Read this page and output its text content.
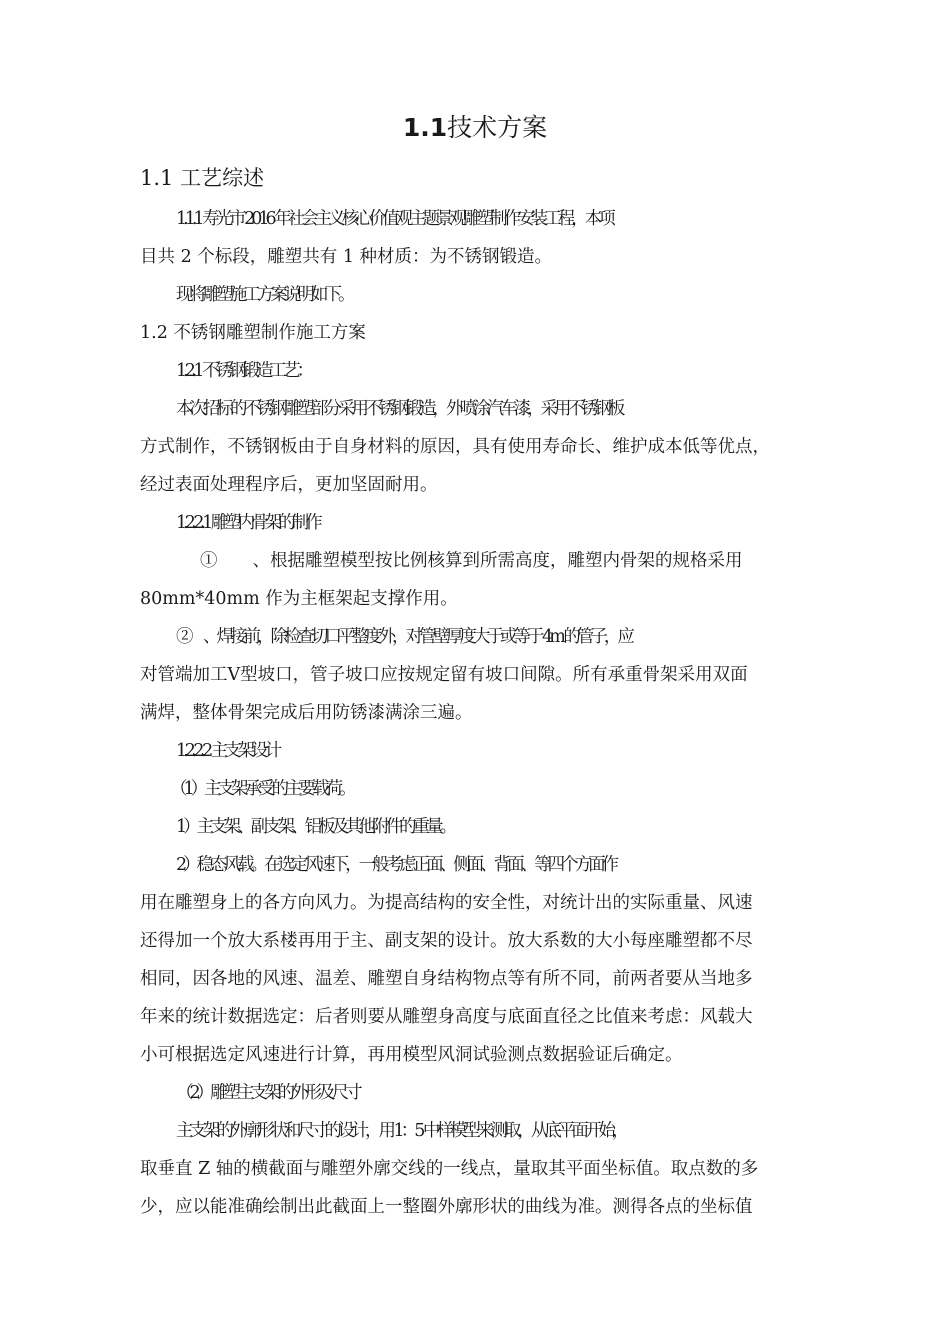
1.1技术方案
1.1 工艺综述
1.1.1 寿光市 2016 年社会主义核心价值观主题景观雕塑制作安装工程，本项
目共 2 个标段，雕塑共有 1 种材质：为不锈钢锻造。
现将雕塑施工方案说明如下。
1.2 不锈钢雕塑制作施工方案
1.2.1 不锈钢锻造工艺：
本次招标的不锈钢雕塑部分采用不锈钢锻造，外喷涂汽车漆，采用不锈钢板
方式制作，不锈钢板由于自身材料的原因，具有使用寿命长、维护成本低等优点，
经过表面处理程序后，更加坚固耐用。
1.2.2.1 雕塑内骨架的制作
①　　、根据雕塑模型按比例核算到所需高度，雕塑内骨架的规格采用
80mm*40mm 作为主框架起支撑作用。
②　、焊接前，除检查切口平整度外，对管壁厚度大于或等于 4m 的管子，应
对管端加工Ⅴ型坡口，管子坡口应按规定留有坡口间隙。所有承重骨架采用双面
满焊，整体骨架完成后用防锈漆满涂三遍。
1.2.2.2 主支架设计
（1）主支架承受的主要载荷。
1）主支架、副支架、铝板及其他附件的重量。
2）稳态风载。在选定风速下，一般考虑正面、侧面、背面、等四个方面作
用在雕塑身上的各方向风力。为提高结构的安全性，对统计出的实际重量、风速
还得加一个放大系楼再用于主、副支架的设计。放大系数的大小每座雕塑都不尽
相同，因各地的风速、温差、雕塑自身结构物点等有所不同，前两者要从当地多
年来的统计数据选定：后者则要从雕塑身高度与底面直径之比值来考虑：风载大
小可根据选定风速进行计算，再用模型风洞试验测点数据验证后确定。
（2）雕塑主支架的外形及尺寸
主支架的外廓形状和尺寸的设计，用 1：5 中样模型来测取，从底平面开始，
取垂直 Z 轴的横截面与雕塑外廓交线的一线点，量取其平面坐标值。取点数的多
少，应以能准确绘制出此截面上一整圈外廓形状的曲线为准。测得各点的坐标值
